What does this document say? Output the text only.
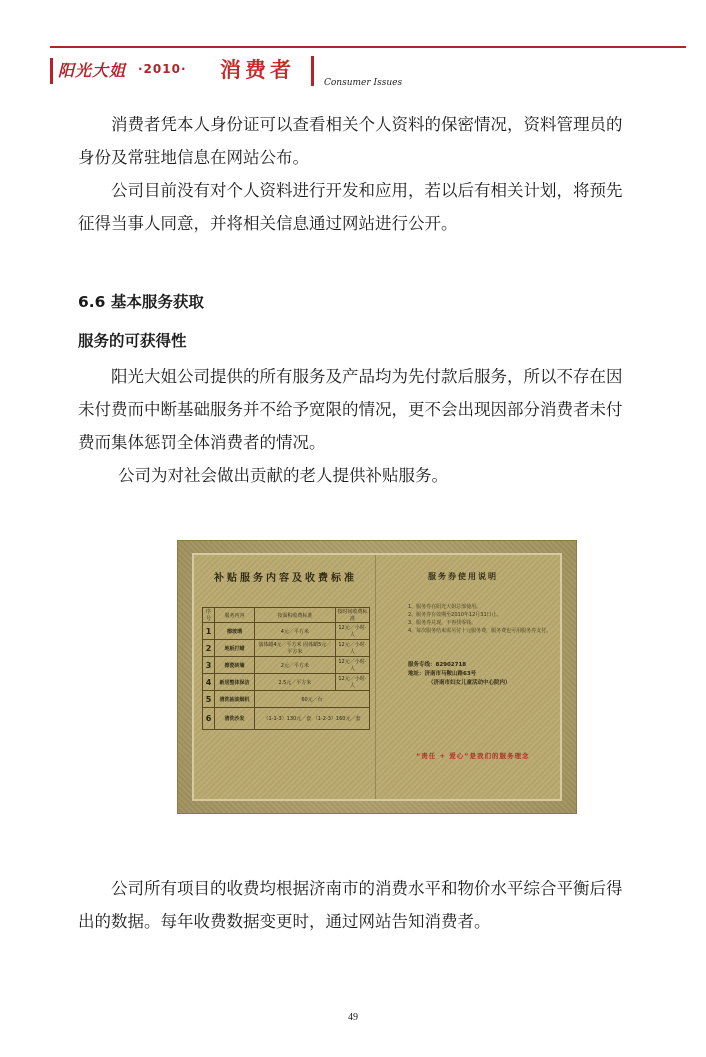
阳光大姐 ·2010· 消费者
Consumer Issues
消费者凭本人身份证可以查看相关个人资料的保密情况，资料管理员的身份及常驻地信息在网站公布。
公司目前没有对个人资料进行开发和应用，若以后有相关计划，将预先征得当事人同意，并将相关信息通过网站进行公开。
6.6 基本服务获取
服务的可获得性
阳光大姐公司提供的所有服务及产品均为先付款后服务，所以不存在因未付费而中断基础服务并不给予宽限的情况，更不会出现因部分消费者未付费而集体惩罚全体消费者的情况。
公司为对社会做出贡献的老人提供补贴服务。
补贴服务内容及收费标准
序号	服务内容	按面积收费标准	按时间收费标准
1	擦玻璃	4元／平方米	12元／小时·人
2	地板打蜡	演体蜡4元／平方米 固体蜡5元／平方米	12元／小时·人
3	擦瓷砖墙	2元／平方米	12元／小时·人
4	新居整体保洁	2.5元／平方米	12元／小时·人
5	清洗抽油烟机	60元／台	
6	清洗沙发	（1-1-3）130元／套 （1-2-3）160元／套	
服务券使用说明
1、服务券在阳光大姐总部使用。
2、服务券有效期至2010年12月31日止。
3、服务券兑现，不再找零钱。
4、每次服务结束需另付十元服务费，服务费也可用服务券支付。
服务专线：82902718
地址：济南市马鞍山路63号
（济南市妇女儿童活动中心院内）
“责任 + 爱心”是我们的服务理念
公司所有项目的收费均根据济南市的消费水平和物价水平综合平衡后得出的数据。每年收费数据变更时，通过网站告知消费者。
49
